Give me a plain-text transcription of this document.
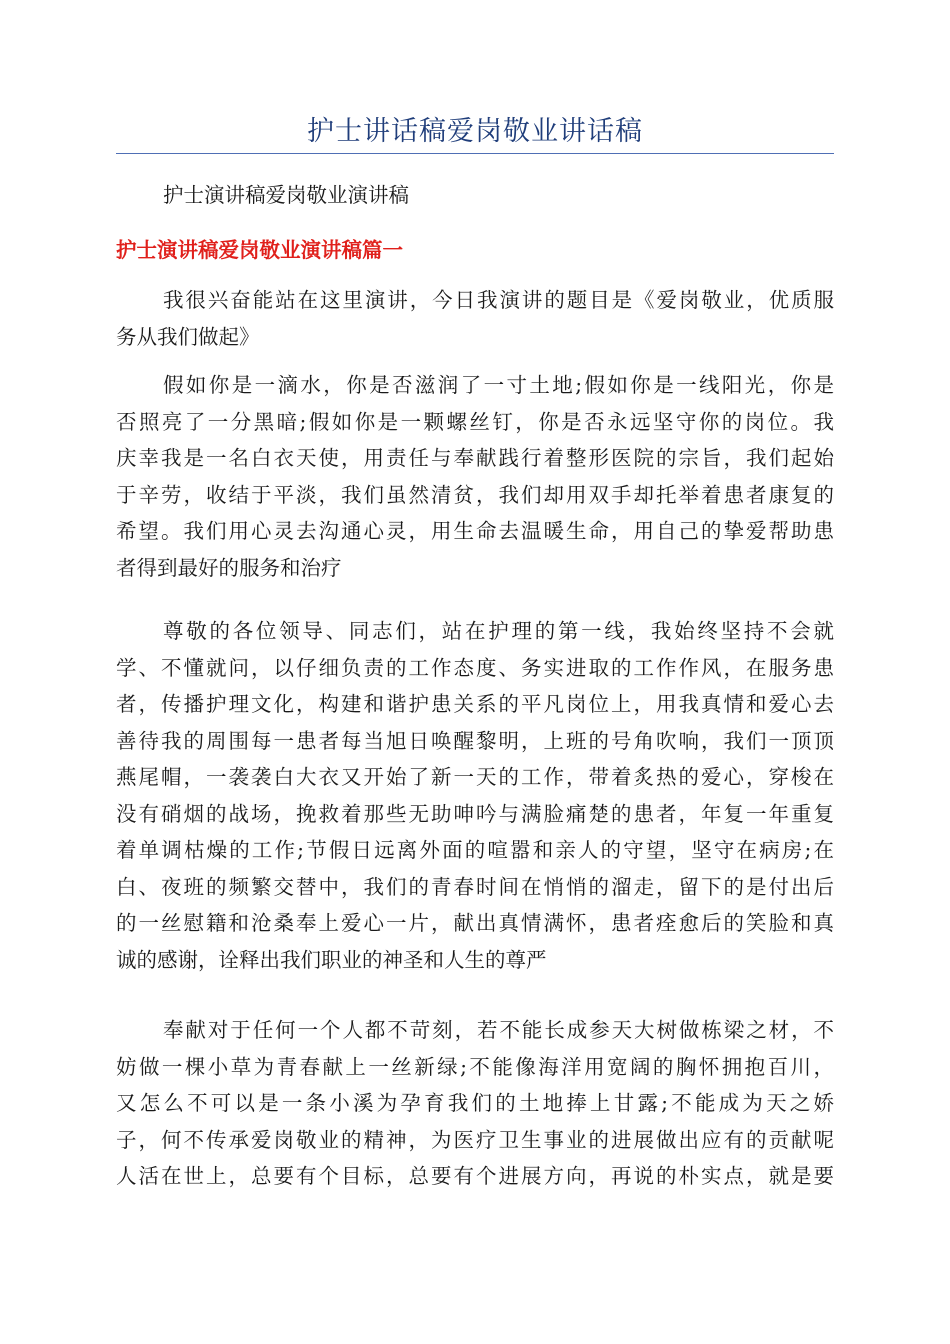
护士讲话稿爱岗敬业讲话稿

护士演讲稿爱岗敬业演讲稿

护士演讲稿爱岗敬业演讲稿篇一
我很兴奋能站在这里演讲，今日我演讲的题目是《爱岗敬业，优质服
务从我们做起》
假如你是一滴水，你是否滋润了一寸土地;假如你是一线阳光，你是
否照亮了一分黑暗;假如你是一颗螺丝钉，你是否永远坚守你的岗位。我
庆幸我是一名白衣天使，用责任与奉献践行着整形医院的宗旨，我们起始
于辛劳，收结于平淡，我们虽然清贫，我们却用双手却托举着患者康复的
希望。我们用心灵去沟通心灵，用生命去温暖生命，用自己的挚爱帮助患
者得到最好的服务和治疗
尊敬的各位领导、同志们，站在护理的第一线，我始终坚持不会就
学、不懂就问，以仔细负责的工作态度、务实进取的工作作风，在服务患
者，传播护理文化，构建和谐护患关系的平凡岗位上，用我真情和爱心去
善待我的周围每一患者每当旭日唤醒黎明，上班的号角吹响，我们一顶顶
燕尾帽，一袭袭白大衣又开始了新一天的工作，带着炙热的爱心，穿梭在
没有硝烟的战场，挽救着那些无助呻吟与满脸痛楚的患者，年复一年重复
着单调枯燥的工作;节假日远离外面的喧嚣和亲人的守望，坚守在病房;在
白、夜班的频繁交替中，我们的青春时间在悄悄的溜走，留下的是付出后
的一丝慰籍和沧桑奉上爱心一片，献出真情满怀，患者痊愈后的笑脸和真
诚的感谢，诠释出我们职业的神圣和人生的尊严
奉献对于任何一个人都不苛刻，若不能长成参天大树做栋梁之材，不
妨做一棵小草为青春献上一丝新绿;不能像海洋用宽阔的胸怀拥抱百川，
又怎么不可以是一条小溪为孕育我们的土地捧上甘露;不能成为天之娇
子，何不传承爱岗敬业的精神，为医疗卫生事业的进展做出应有的贡献呢
人活在世上，总要有个目标，总要有个进展方向，再说的朴实点，就是要
